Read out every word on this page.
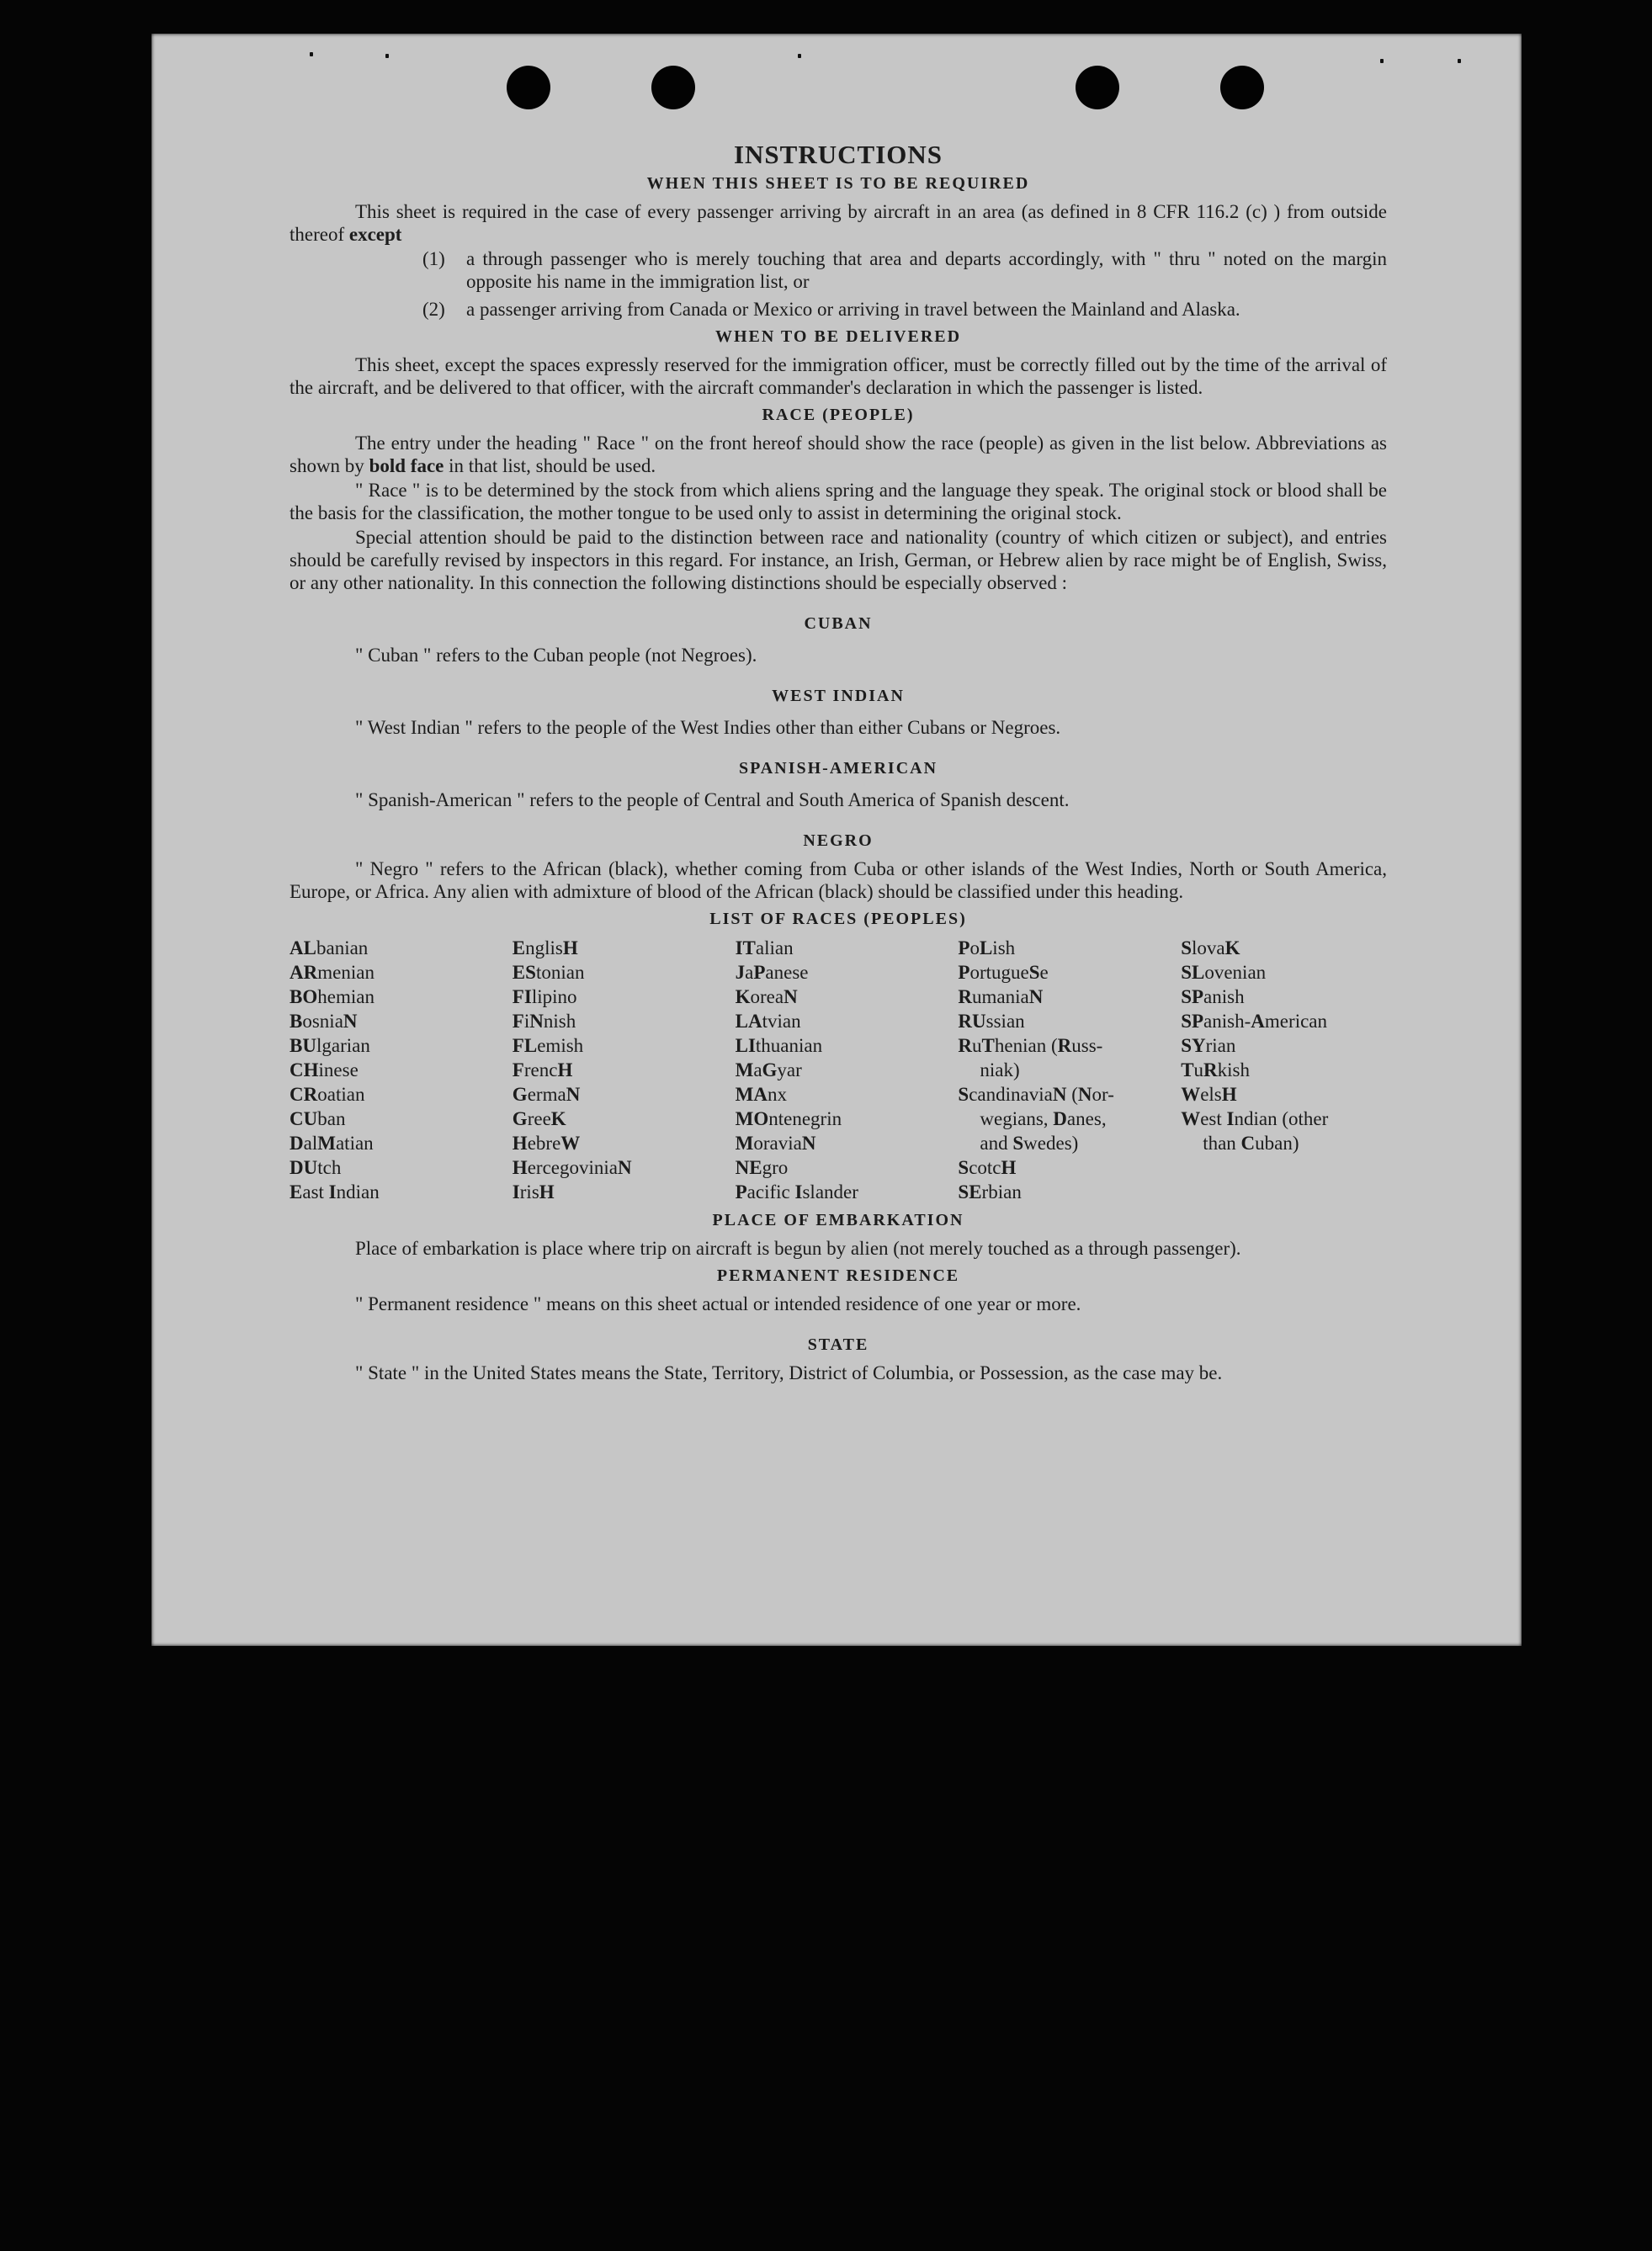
INSTRUCTIONS
WHEN THIS SHEET IS TO BE REQUIRED

This sheet is required in the case of every passenger arriving by aircraft in an area (as defined in 8 CFR 116.2 (c) ) from outside thereof except

(1)	a through passenger who is merely touching that area and departs accordingly, with " thru " noted on the margin opposite his name in the immigration list, or
(2)	a passenger arriving from Canada or Mexico or arriving in travel between the Mainland and Alaska.
WHEN TO BE DELIVERED

This sheet, except the spaces expressly reserved for the immigration officer, must be correctly filled out by the time of the arrival of the aircraft, and be delivered to that officer, with the aircraft commander's declaration in which the passenger is listed.

RACE (PEOPLE)

The entry under the heading " Race " on the front hereof should show the race (people) as given in the list below. Abbreviations as shown by bold face in that list, should be used.

" Race " is to be determined by the stock from which aliens spring and the language they speak. The original stock or blood shall be the basis for the classification, the mother tongue to be used only to assist in determining the original stock.

Special attention should be paid to the distinction between race and nationality (country of which citizen or subject), and entries should be carefully revised by inspectors in this regard. For instance, an Irish, German, or Hebrew alien by race might be of English, Swiss, or any other nationality. In this connection the following distinctions should be especially observed :

CUBAN

" Cuban " refers to the Cuban people (not Negroes).

WEST INDIAN

" West Indian " refers to the people of the West Indies other than either Cubans or Negroes.

SPANISH-AMERICAN

" Spanish-American " refers to the people of Central and South America of Spanish descent.

NEGRO

" Negro " refers to the African (black), whether coming from Cuba or other islands of the West Indies, North or South America, Europe, or Africa. Any alien with admixture of blood of the African (black) should be classified under this heading.

LIST OF RACES (PEOPLES)
ALbanian
ARmenian
BOhemian
BosniaN
BUlgarian
CHinese
CRoatian
CUban
DalMatian
DUtch
East Indian
EnglisH
EStonian
FIlipino
FiNnish
FLemish
FrencH
GermaN
GreeK
HebreW
HercegoviniaN
IrisH
ITalian
JaPanese
KoreaN
LAtvian
LIthuanian
MaGyar
MAnx
MOntenegrin
MoraviaN
NEgro
Pacific Islander
PoLish
PortugueSe
RumaniaN
RUssian
RuThenian (Russ-
niak)
ScandinaviaN (Nor-
wegians, Danes,
and Swedes)
ScotcH
SErbian
SlovaK
SLovenian
SPanish
SPanish-American
SYrian
TuRkish
WelsH
West Indian (other
than Cuban)
PLACE OF EMBARKATION

Place of embarkation is place where trip on aircraft is begun by alien (not merely touched as a through passenger).

PERMANENT RESIDENCE

" Permanent residence " means on this sheet actual or intended residence of one year or more.

STATE

" State " in the United States means the State, Territory, District of Columbia, or Possession, as the case may be.
